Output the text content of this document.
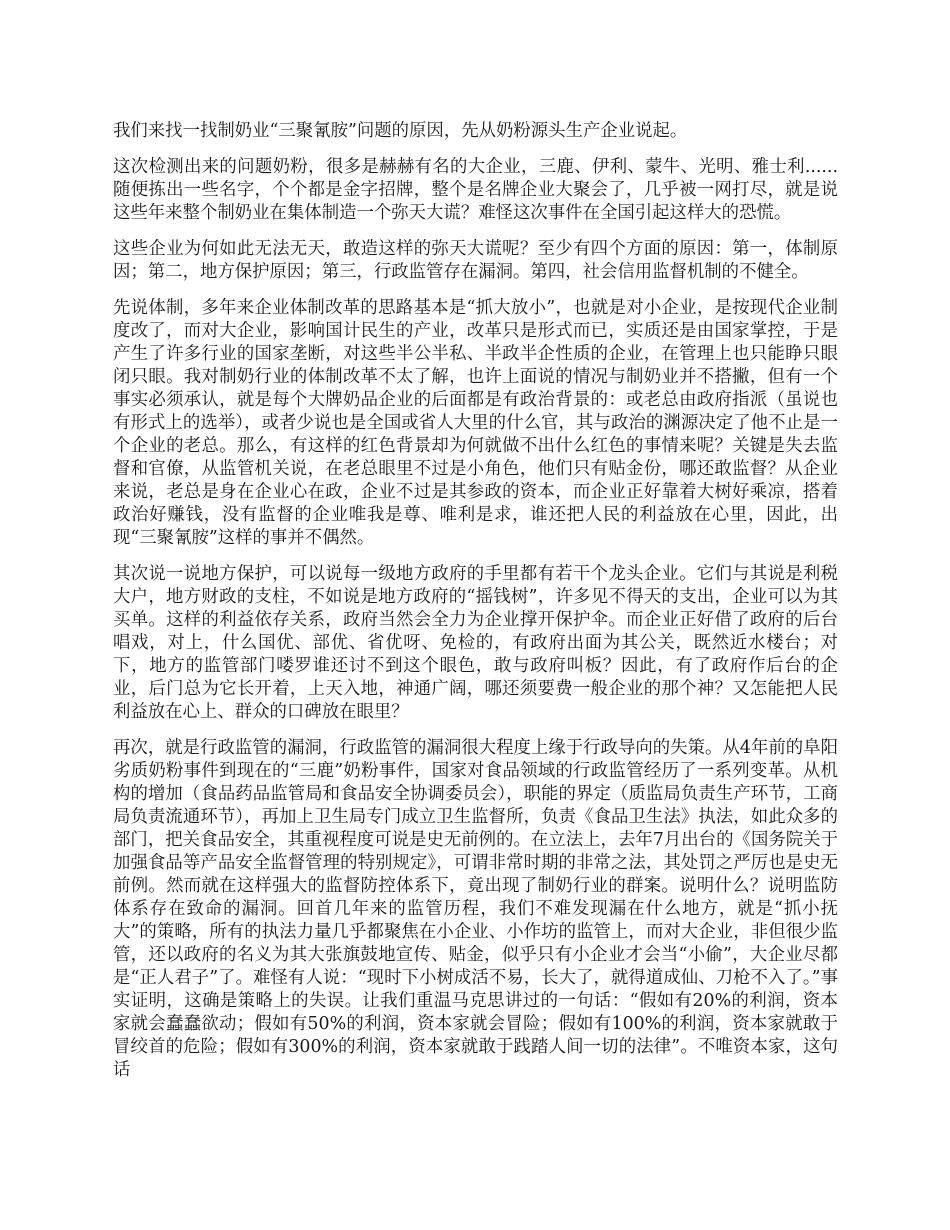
我们来找一找制奶业“三聚氰胺”问题的原因，先从奶粉源头生产企业说起。

这次检测出来的问题奶粉，很多是赫赫有名的大企业，三鹿、伊利、蒙牛、光明、雅士利......随便拣出一些名字，个个都是金字招牌，整个是名牌企业大聚会了，几乎被一网打尽，就是说这些年来整个制奶业在集体制造一个弥天大谎？难怪这次事件在全国引起这样大的恐慌。

这些企业为何如此无法无天，敢造这样的弥天大谎呢？至少有四个方面的原因：第一，体制原因；第二，地方保护原因；第三，行政监管存在漏洞。第四，社会信用监督机制的不健全。

先说体制，多年来企业体制改革的思路基本是“抓大放小”，也就是对小企业，是按现代企业制度改了，而对大企业，影响国计民生的产业，改革只是形式而已，实质还是由国家掌控，于是产生了许多行业的国家垄断，对这些半公半私、半政半企性质的企业，在管理上也只能睁只眼闭只眼。我对制奶行业的体制改革不太了解，也许上面说的情况与制奶业并不搭撇，但有一个事实必须承认，就是每个大牌奶品企业的后面都是有政治背景的：或老总由政府指派（虽说也有形式上的选举），或者少说也是全国或省人大里的什么官，其与政治的渊源决定了他不止是一个企业的老总。那么，有这样的红色背景却为何就做不出什么红色的事情来呢？关键是失去监督和官僚，从监管机关说，在老总眼里不过是小角色，他们只有贴金份，哪还敢监督？从企业来说，老总是身在企业心在政，企业不过是其参政的资本，而企业正好靠着大树好乘凉，搭着政治好赚钱，没有监督的企业唯我是尊、唯利是求，谁还把人民的利益放在心里，因此，出现“三聚氰胺”这样的事并不偶然。

其次说一说地方保护，可以说每一级地方政府的手里都有若干个龙头企业。它们与其说是利税大户，地方财政的支柱，不如说是地方政府的“摇钱树”，许多见不得天的支出，企业可以为其买单。这样的利益依存关系，政府当然会全力为企业撑开保护伞。而企业正好借了政府的后台唱戏，对上，什么国优、部优、省优呀、免检的，有政府出面为其公关，既然近水楼台；对下，地方的监管部门喽罗谁还讨不到这个眼色，敢与政府叫板？因此，有了政府作后台的企业，后门总为它长开着，上天入地，神通广阔，哪还须要费一般企业的那个神？又怎能把人民利益放在心上、群众的口碑放在眼里？

再次，就是行政监管的漏洞，行政监管的漏洞很大程度上缘于行政导向的失策。从4年前的阜阳劣质奶粉事件到现在的“三鹿”奶粉事件，国家对食品领域的行政监管经历了一系列变革。从机构的增加（食品药品监管局和食品安全协调委员会），职能的界定（质监局负责生产环节，工商局负责流通环节），再加上卫生局专门成立卫生监督所，负责《食品卫生法》执法，如此众多的部门，把关食品安全，其重视程度可说是史无前例的。在立法上，去年7月出台的《国务院关于加强食品等产品安全监督管理的特别规定》，可谓非常时期的非常之法，其处罚之严厉也是史无前例。然而就在这样强大的监督防控体系下，竟出现了制奶行业的群案。说明什么？说明监防体系存在致命的漏洞。回首几年来的监管历程，我们不难发现漏在什么地方，就是“抓小抚大”的策略，所有的执法力量几乎都聚焦在小企业、小作坊的监管上，而对大企业，非但很少监管，还以政府的名义为其大张旗鼓地宣传、贴金，似乎只有小企业才会当“小偷”，大企业尽都是“正人君子”了。难怪有人说：“现时下小树成活不易，长大了，就得道成仙、刀枪不入了。”事实证明，这确是策略上的失误。让我们重温马克思讲过的一句话：“假如有20%的利润，资本家就会蠢蠢欲动；假如有50%的利润，资本家就会冒险；假如有100%的利润，资本家就敢于冒绞首的危险；假如有300%的利润，资本家就敢于践踏人间一切的法律”。不唯资本家，这句话
